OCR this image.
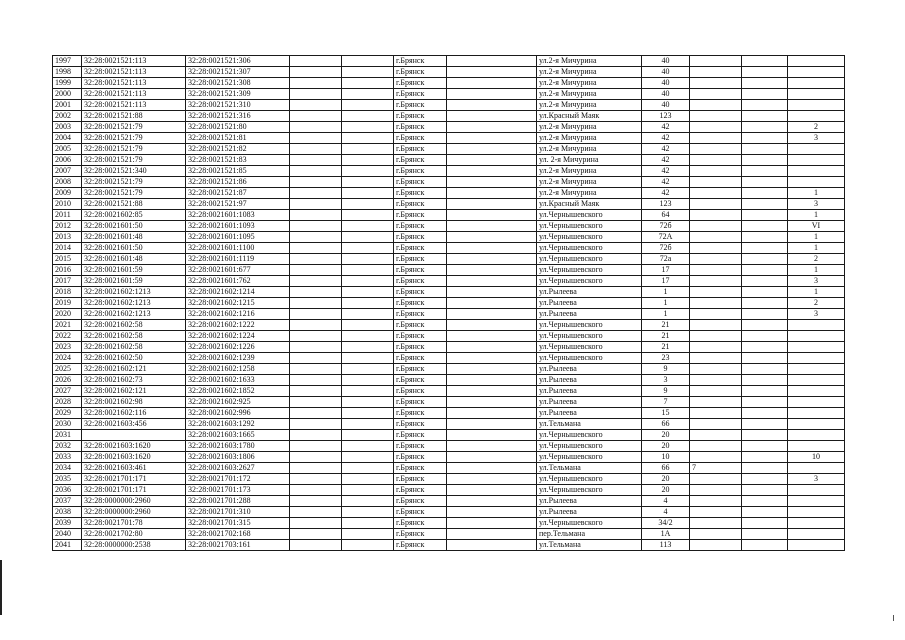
1997	32:28:0021521:113	32:28:0021521:306			г.Брянск		ул.2-я Мичурина	40			
1998	32:28:0021521:113	32:28:0021521:307			г.Брянск		ул.2-я Мичурина	40			
1999	32:28:0021521:113	32:28:0021521:308			г.Брянск		ул.2-я Мичурина	40			
2000	32:28:0021521:113	32:28:0021521:309			г.Брянск		ул.2-я Мичурина	40			
2001	32:28:0021521:113	32:28:0021521:310			г.Брянск		ул.2-я Мичурина	40			
2002	32:28:0021521:88	32:28:0021521:316			г.Брянск		ул.Красный Маяк	123			
2003	32:28:0021521:79	32:28:0021521:80			г.Брянск		ул.2-я Мичурина	42			2
2004	32:28:0021521:79	32:28:0021521:81			г.Брянск		ул.2-я Мичурина	42			3
2005	32:28:0021521:79	32:28:0021521:82			г.Брянск		ул.2-я Мичурина	42			
2006	32:28:0021521:79	32:28:0021521:83			г.Брянск		ул. 2-я Мичурина	42			
2007	32:28:0021521:340	32:28:0021521:85			г.Брянск		ул.2-я Мичурина	42			
2008	32:28:0021521:79	32:28:0021521:86			г.Брянск		ул.2-я Мичурина	42			
2009	32:28:0021521:79	32:28:0021521:87			г.Брянск		ул.2-я Мичурина	42			1
2010	32:28:0021521:88	32:28:0021521:97			г.Брянск		ул.Красный Маяк	123			3
2011	32:28:0021602:85	32:28:0021601:1083			г.Брянск		ул.Чернышевского	64			1
2012	32:28:0021601:50	32:28:0021601:1093			г.Брянск		ул.Чернышевского	72б			VI
2013	32:28:0021601:48	32:28:0021601:1095			г.Брянск		ул.Чернышевского	72А			1
2014	32:28:0021601:50	32:28:0021601:1100			г.Брянск		ул.Чернышевского	72б			1
2015	32:28:0021601:48	32:28:0021601:1119			г.Брянск		ул.Чернышевского	72а			2
2016	32:28:0021601:59	32:28:0021601:677			г.Брянск		ул.Чернышевского	17			1
2017	32:28:0021601:59	32:28:0021601:762			г.Брянск		ул.Чернышевского	17			3
2018	32:28:0021602:1213	32:28:0021602:1214			г.Брянск		ул.Рылеева	1			1
2019	32:28:0021602:1213	32:28:0021602:1215			г.Брянск		ул.Рылеева	1			2
2020	32:28:0021602:1213	32:28:0021602:1216			г.Брянск		ул.Рылеева	1			3
2021	32:28:0021602:58	32:28:0021602:1222			г.Брянск		ул.Чернышевского	21			
2022	32:28:0021602:58	32:28:0021602:1224			г.Брянск		ул.Чернышевского	21			
2023	32:28:0021602:58	32:28:0021602:1226			г.Брянск		ул.Чернышевского	21			
2024	32:28:0021602:50	32:28:0021602:1239			г.Брянск		ул.Чернышевского	23			
2025	32:28:0021602:121	32:28:0021602:1258			г.Брянск		ул.Рылеева	9			
2026	32:28:0021602:73	32:28:0021602:1633			г.Брянск		ул.Рылеева	3			
2027	32:28:0021602:121	32:28:0021602:1852			г.Брянск		ул.Рылеева	9			
2028	32:28:0021602:98	32:28:0021602:925			г.Брянск		ул.Рылеева	7			
2029	32:28:0021602:116	32:28:0021602:996			г.Брянск		ул.Рылеева	15			
2030	32:28:0021603:456	32:28:0021603:1292			г.Брянск		ул.Тельмана	66			
2031		32:28:0021603:1665			г.Брянск		ул.Чернышевского	20			
2032	32:28:0021603:1620	32:28:0021603:1780			г.Брянск		ул.Чернышевского	20			
2033	32:28:0021603:1620	32:28:0021603:1806			г.Брянск		ул.Чернышевского	10			10
2034	32:28:0021603:461	32:28:0021603:2627			г.Брянск		ул.Тельмана	66	7		
2035	32:28:0021701:171	32:28:0021701:172			г.Брянск		ул.Чернышевского	20			3
2036	32:28:0021701:171	32:28:0021701:173			г.Брянск		ул.Чернышевского	20			
2037	32:28:0000000:2960	32:28:0021701:288			г.Брянск		ул.Рылеева	4			
2038	32:28:0000000:2960	32:28:0021701:310			г.Брянск		ул.Рылеева	4			
2039	32:28:0021701:78	32:28:0021701:315			г.Брянск		ул.Чернышевского	34/2			
2040	32:28:0021702:80	32:28:0021702:168			г.Брянск		пер.Тельмана	1А			
2041	32:28:0000000:2538	32:28:0021703:161			г.Брянск		ул.Тельмана	113			
